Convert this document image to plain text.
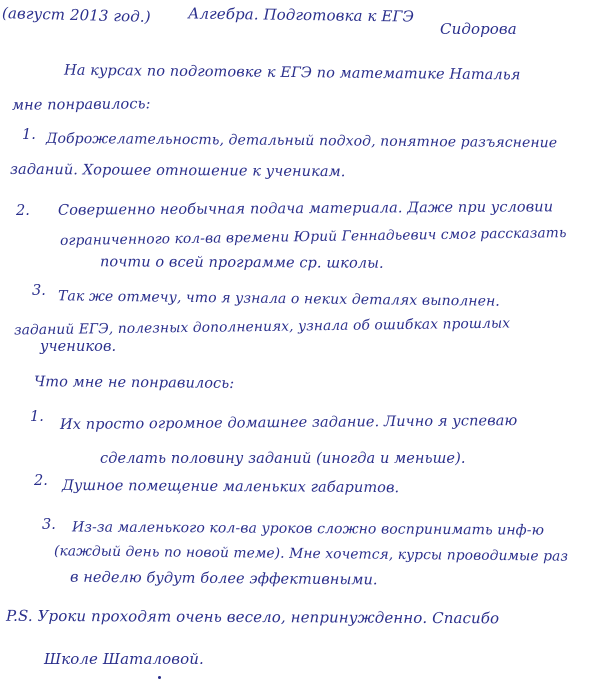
(август 2013 год.) Алгебра. Подготовка к ЕГЭ
Сидорова
На курсах по подготовке к ЕГЭ по математике Наталья
мне понравилось:
1. Доброжелательность, детальный подход, понятное разъяснение
заданий. Хорошее отношение к ученикам.
2. Совершенно необычная подача материала. Даже при условии
ограниченного кол-ва времени Юрий Геннадьевич смог рассказать
почти о всей программе ср. школы.
3. Так же отмечу, что я узнала о неких деталях выполнен.
заданий ЕГЭ, полезных дополнениях, узнала об ошибках прошлых
учеников.
Что мне не понравилось:
1. Их просто огромное домашнее задание. Лично я успеваю
сделать половину заданий (иногда и меньше).
2. Душное помещение маленьких габаритов.
3. Из-за маленького кол-ва уроков сложно воспринимать инф-ю
(каждый день по новой теме). Мне хочется, курсы проводимые раз
в неделю будут более эффективными.
P.S. Уроки проходят очень весело, непринужденно. Спасибо
Школе Шаталовой.
